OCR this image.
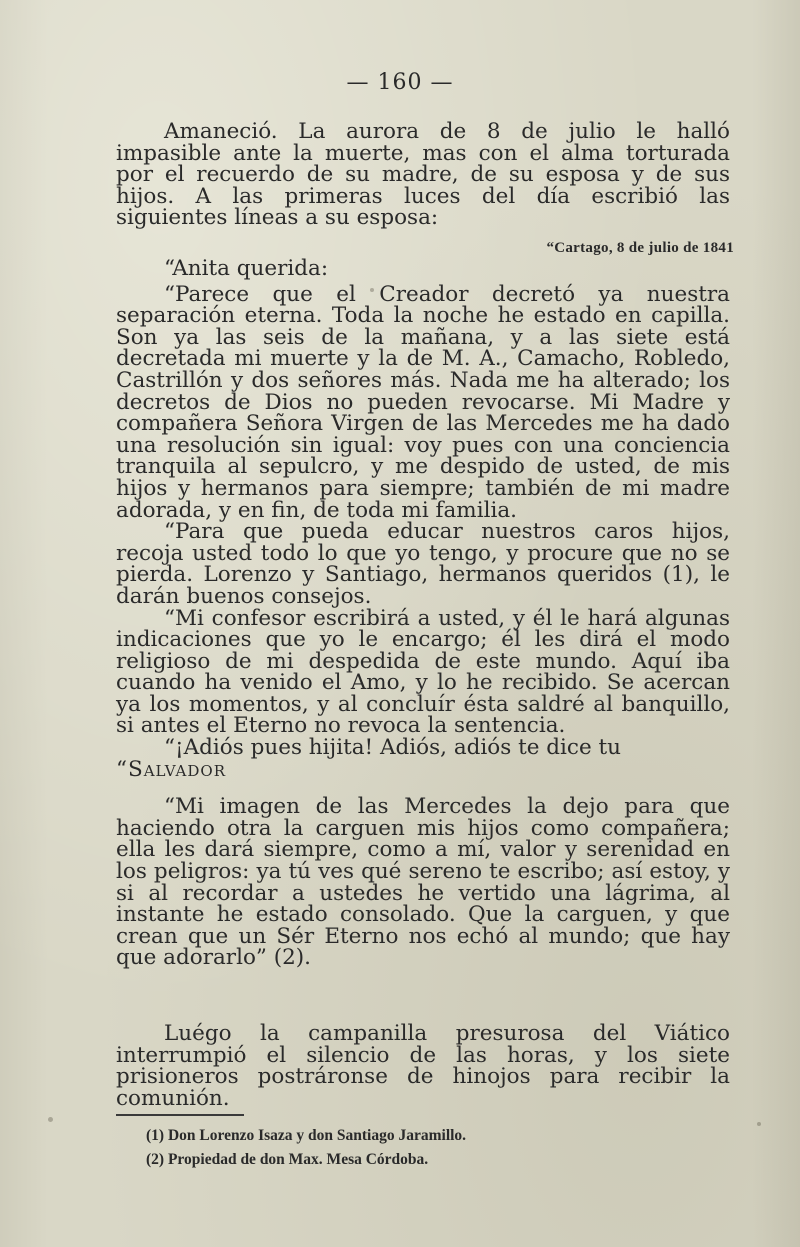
— 160 —

Amaneció. La aurora de 8 de julio le halló impasible ante la muerte, mas con el alma torturada por el recuerdo de su madre, de su esposa y de sus hijos. A las primeras luces del día escribió las siguientes líneas a su esposa:

“Cartago, 8 de julio de 1841

“Anita querida:

“Parece que el Creador decretó ya nuestra separación eterna. Toda la noche he estado en capilla. Son ya las seis de la mañana, y a las siete está decretada mi muerte y la de M. A., Camacho, Robledo, Castrillón y dos señores más. Nada me ha alterado; los decretos de Dios no pueden revocarse. Mi Madre y compañera Señora Virgen de las Mercedes me ha dado una resolución sin igual: voy pues con una conciencia tranquila al sepulcro, y me despido de usted, de mis hijos y hermanos para siempre; también de mi madre adorada, y en fin, de toda mi familia.

“Para que pueda educar nuestros caros hijos, recoja usted todo lo que yo tengo, y procure que no se pierda. Lorenzo y Santiago, hermanos queridos (1), le darán buenos consejos.

“Mi confesor escribirá a usted, y él le hará algunas indicaciones que yo le encargo; él les dirá el modo religioso de mi despedida de este mundo. Aquí iba cuando ha venido el Amo, y lo he recibido. Se acercan ya los momentos, y al concluír ésta saldré al banquillo, si antes el Eterno no revoca la sentencia.

“¡Adiós pues hijita! Adiós, adiós te dice tu

“Salvador

“Mi imagen de las Mercedes la dejo para que haciendo otra la carguen mis hijos como compañera; ella les dará siempre, como a mí, valor y serenidad en los peligros: ya tú ves qué sereno te escribo; así estoy, y si al recordar a ustedes he vertido una lágrima, al instante he estado consolado. Que la carguen, y que crean que un Sér Eterno nos echó al mundo; que hay que adorarlo” (2).

Luégo la campanilla presurosa del Viático interrumpió el silencio de las horas, y los siete prisioneros postráronse de hinojos para recibir la comunión.

(1) Don Lorenzo Isaza y don Santiago Jaramillo.

(2) Propiedad de don Max. Mesa Córdoba.
